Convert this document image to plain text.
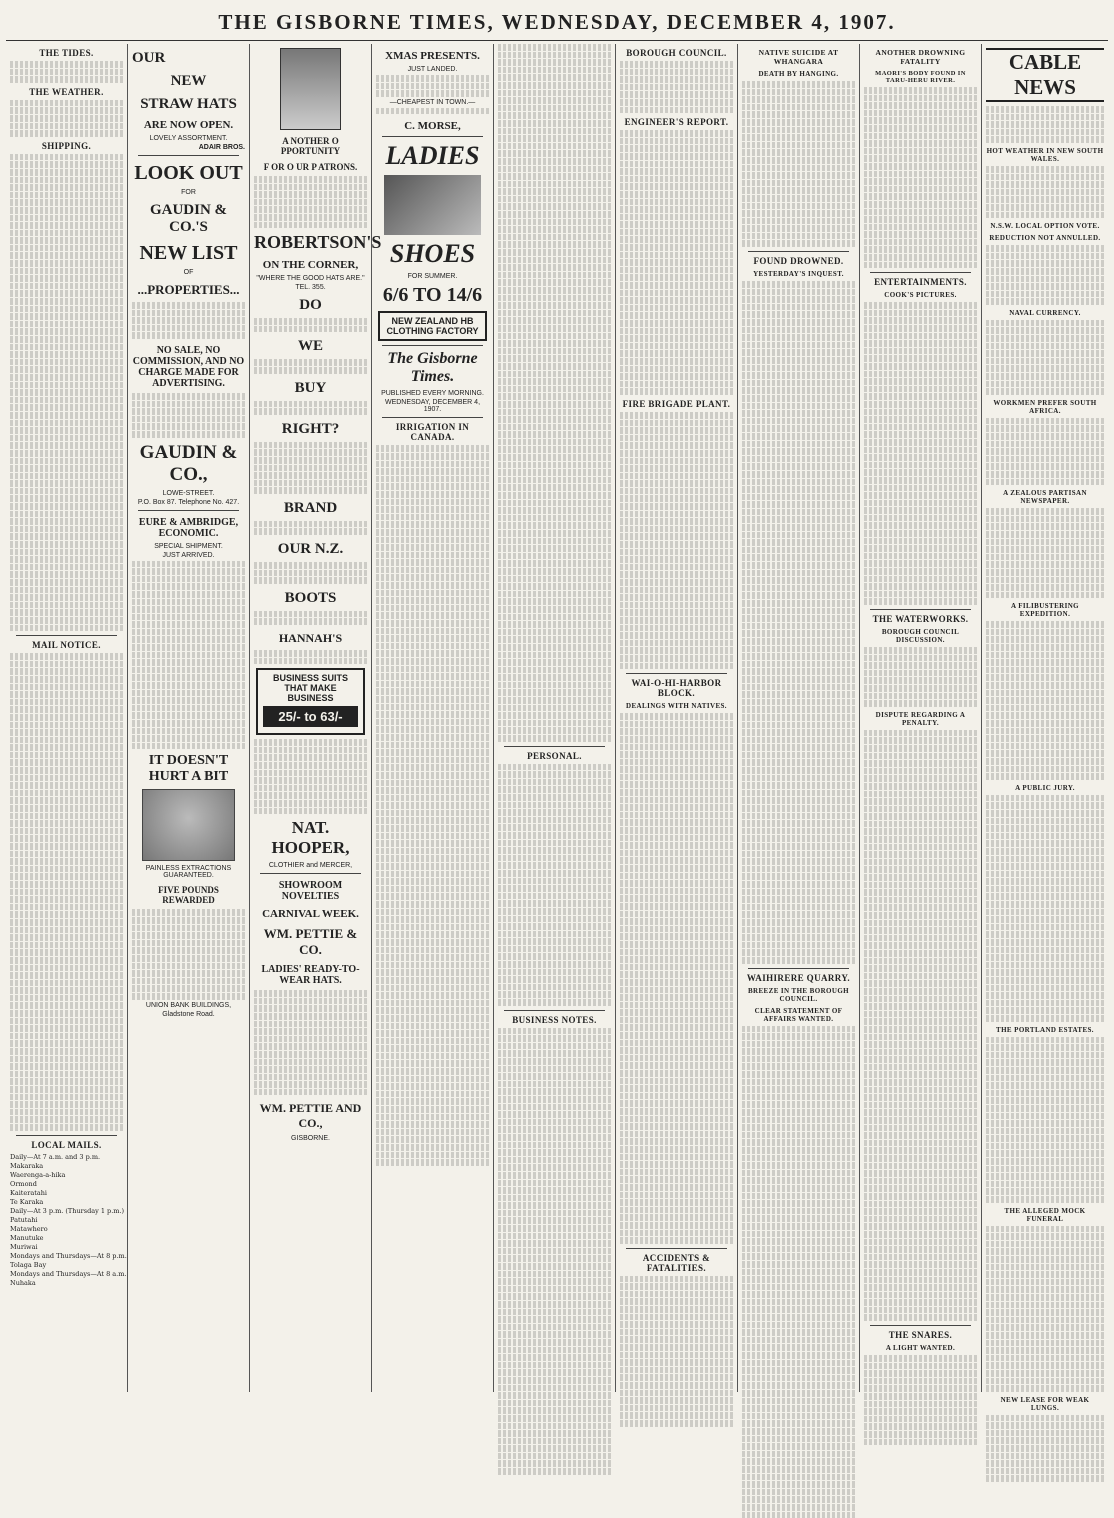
THE GISBORNE TIMES, WEDNESDAY, DECEMBER 4, 1907.
THE TIDES.
THE WEATHER.
SHIPPING.
MAIL NOTICE.
LOCAL MAILS.
Daily—At 7 a.m. and 3 p.m.
Makaraka
Waerenga-a-hika
Ormond
Kaiteratahi
Te Karaka
Daily—At 3 p.m. (Thursday 1 p.m.)
Patutahi
Matawhero
Manutuke
Muriwai
Mondays and Thursdays—At 8 p.m.
Tolaga Bay
Mondays and Thursdays—At 8 a.m.
Nuhaka
OUR
NEW
STRAW HATS
ARE NOW OPEN.
LOVELY ASSORTMENT.
ADAIR BROS.
LOOK OUT
FOR
GAUDIN & CO.'S
NEW LIST
OF
...PROPERTIES...
NO SALE, NO COMMISSION, AND NO CHARGE MADE FOR ADVERTISING.
GAUDIN & CO.,
LOWE-STREET.
P.O. Box 87. Telephone No. 427.
EURE & AMBRIDGE, ECONOMIC.
SPECIAL SHIPMENT.
JUST ARRIVED.
IT DOESN'T HURT A BIT
PAINLESS EXTRACTIONS GUARANTEED.
FIVE POUNDS REWARDED
UNION BANK BUILDINGS,
Gladstone Road.
A NOTHER O PPORTUNITY
F OR O UR P ATRONS.
ROBERTSON'S
ON THE CORNER,
"WHERE THE GOOD HATS ARE."
TEL. 355.
DO
WE
BUY
RIGHT?
BRAND
OUR N.Z.
BOOTS
HANNAH'S
BUSINESS SUITS THAT MAKE BUSINESS
25/- to 63/-
NAT. HOOPER,
CLOTHIER and MERCER,
SHOWROOM NOVELTIES
CARNIVAL WEEK.
WM. PETTIE & CO.
LADIES' READY-TO-WEAR HATS.
WM. PETTIE AND CO.,
GISBORNE.
XMAS PRESENTS.
JUST LANDED.
—CHEAPEST IN TOWN.—
C. MORSE,
LADIES
SHOES
FOR SUMMER.
6/6 TO 14/6
NEW ZEALAND HB CLOTHING FACTORY
The Gisborne Times.
PUBLISHED EVERY MORNING.
WEDNESDAY, DECEMBER 4, 1907.
IRRIGATION IN CANADA.
PERSONAL.
BUSINESS NOTES.
BOROUGH COUNCIL.
ENGINEER'S REPORT.
FIRE BRIGADE PLANT.
WAI-O-HI-HARBOR BLOCK.
DEALINGS WITH NATIVES.
ACCIDENTS & FATALITIES.
NATIVE SUICIDE AT WHANGARA
DEATH BY HANGING.
FOUND DROWNED.
YESTERDAY'S INQUEST.
WAIHIRERE QUARRY.
BREEZE IN THE BOROUGH COUNCIL.
CLEAR STATEMENT OF AFFAIRS WANTED.
ANOTHER DROWNING FATALITY
MAORI'S BODY FOUND IN TARU-HERU RIVER.
ENTERTAINMENTS.
COOK'S PICTURES.
THE WATERWORKS.
BOROUGH COUNCIL DISCUSSION.
DISPUTE REGARDING A PENALTY.
THE SNARES.
A LIGHT WANTED.
CABLE NEWS
HOT WEATHER IN NEW SOUTH WALES.
N.S.W. LOCAL OPTION VOTE.
REDUCTION NOT ANNULLED.
NAVAL CURRENCY.
WORKMEN PREFER SOUTH AFRICA.
A ZEALOUS PARTISAN NEWSPAPER.
A FILIBUSTERING EXPEDITION.
A PUBLIC JURY.
THE PORTLAND ESTATES.
THE ALLEGED MOCK FUNERAL
NEW LEASE FOR WEAK LUNGS.
